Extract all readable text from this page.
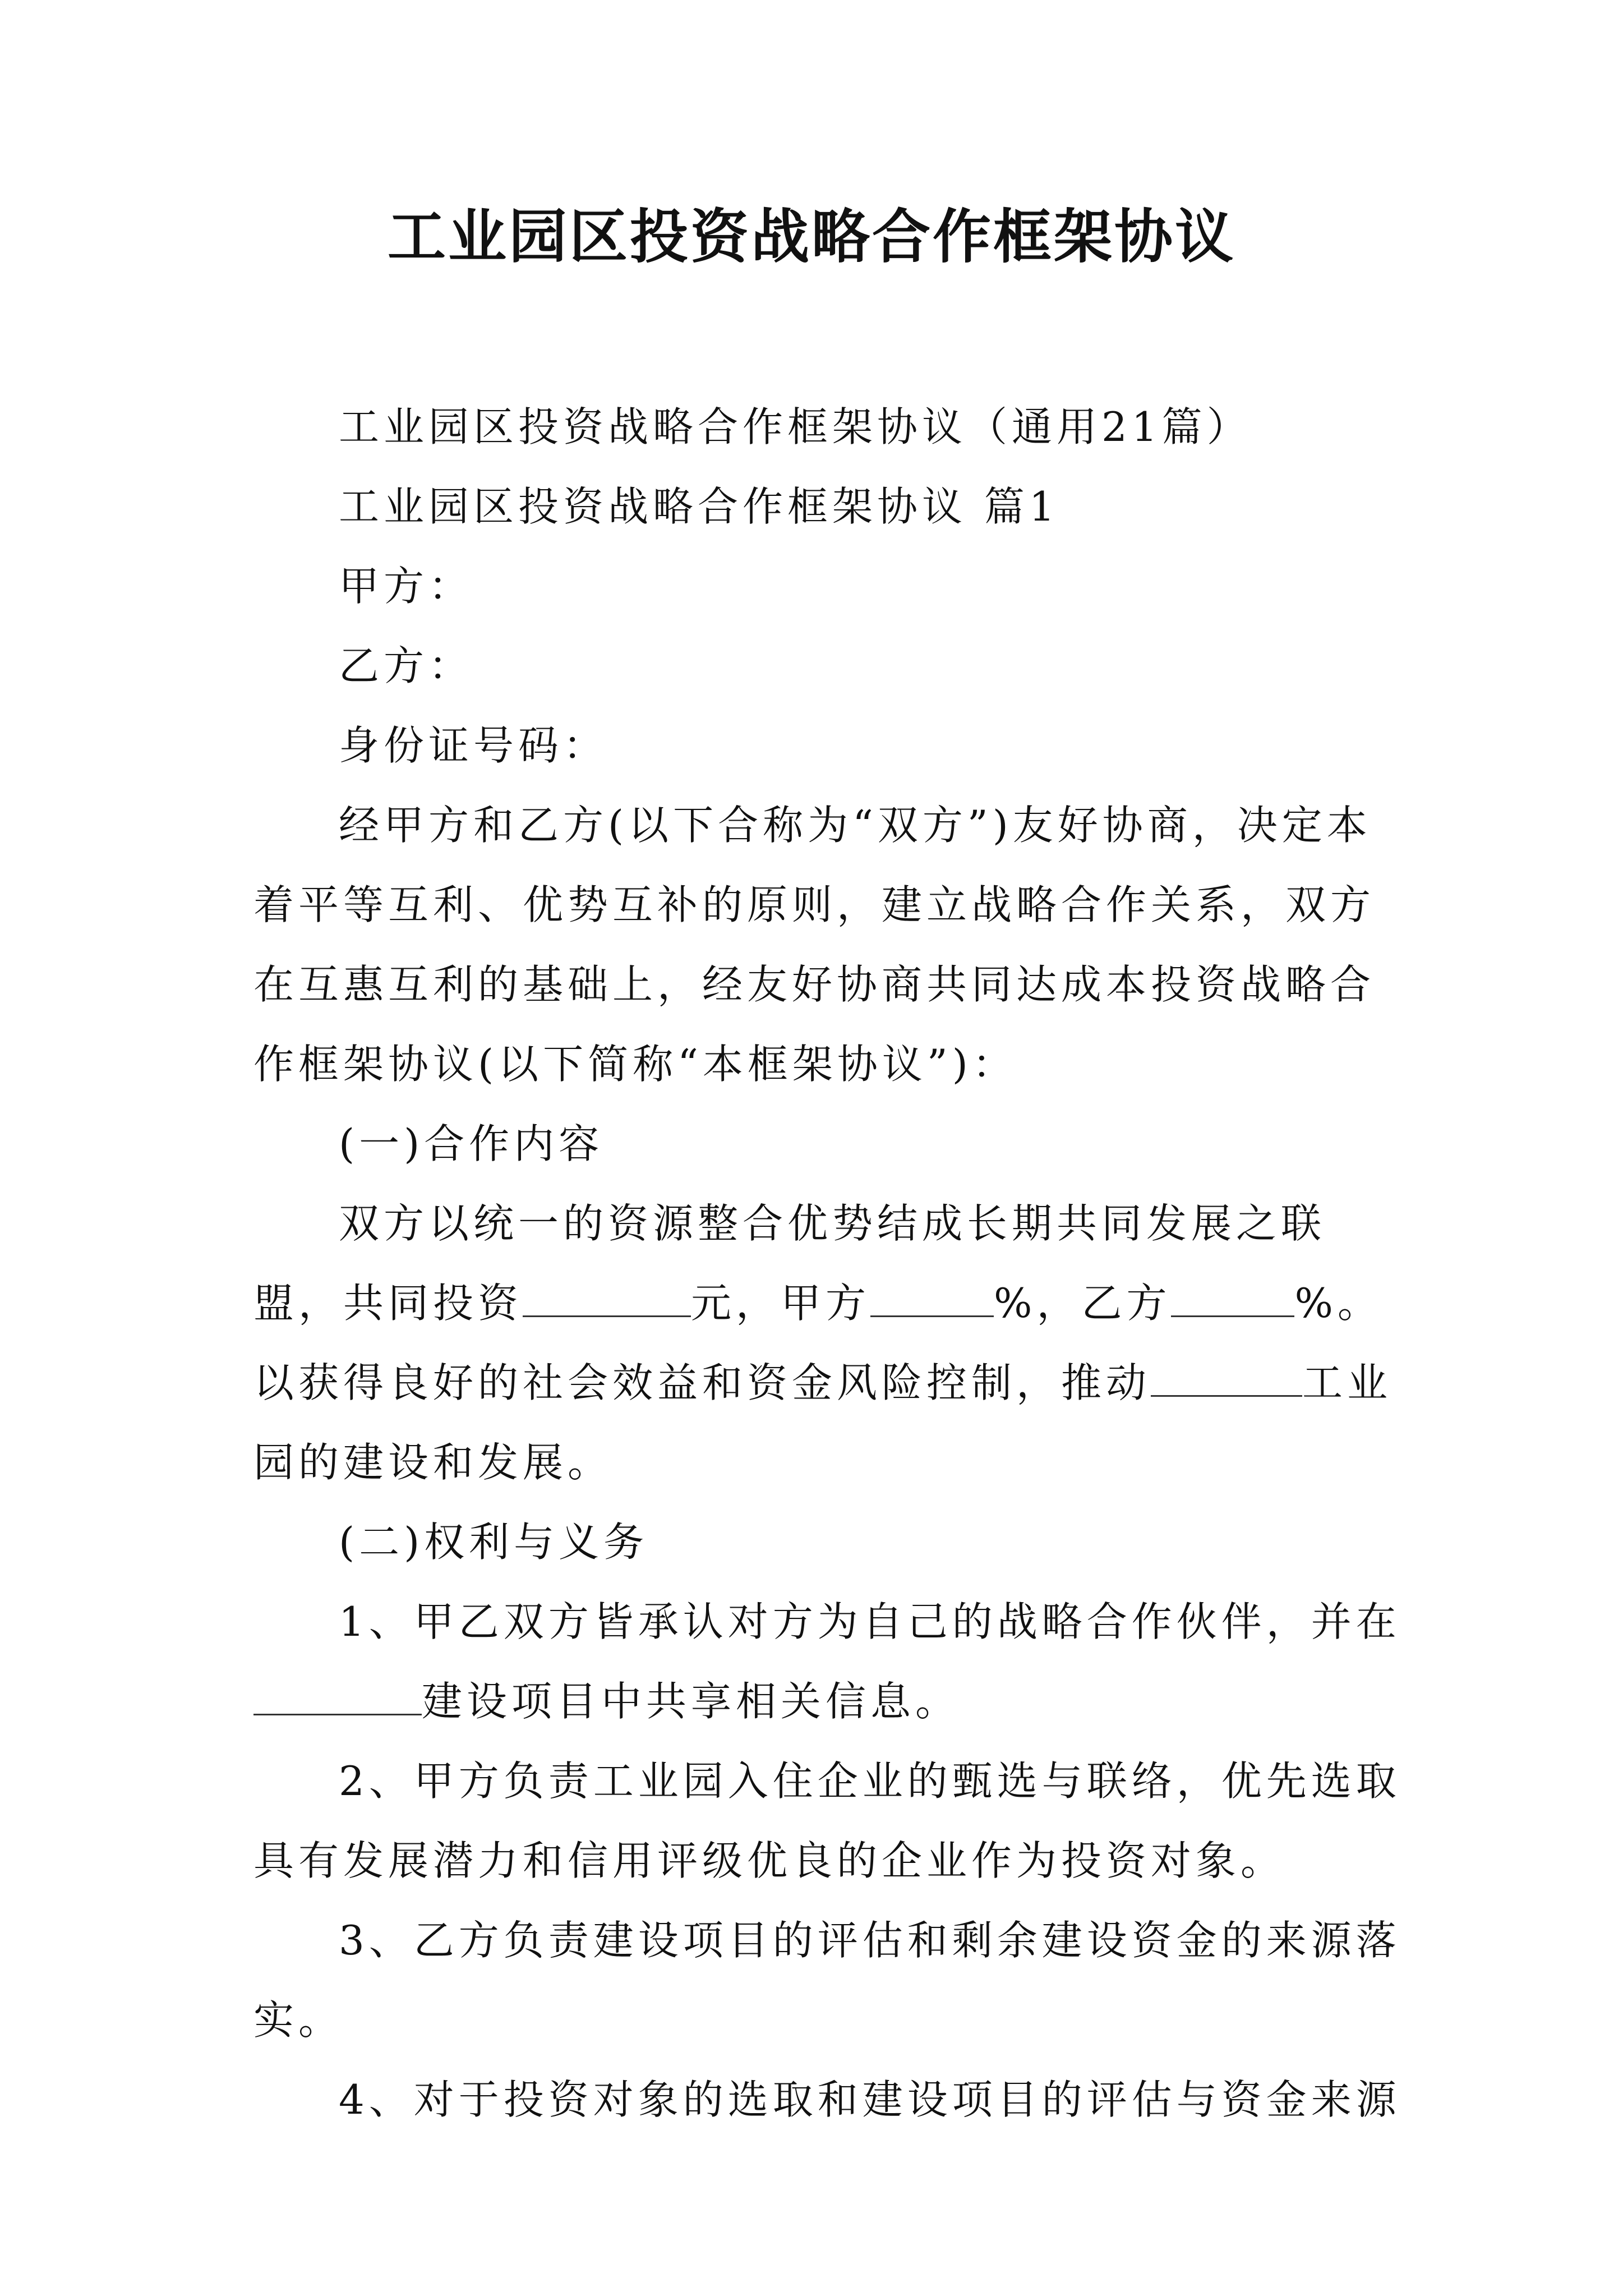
工业园区投资战略合作框架协议

工业园区投资战略合作框架协议（通用21篇）

工业园区投资战略合作框架协议 篇1

甲方：

乙方：

身份证号码：

经甲方和乙方(以下合称为“双方”)友好协商，决定本着平等互利、优势互补的原则，建立战略合作关系，双方在互惠互利的基础上，经友好协商共同达成本投资战略合作框架协议(以下简称“本框架协议”)：

(一)合作内容

双方以统一的资源整合优势结成长期共同发展之联盟，共同投资	元，甲方	%，乙方	%。以获得良好的社会效益和资金风险控制，推动	工业园的建设和发展。

(二)权利与义务

1、甲乙双方皆承认对方为自己的战略合作伙伴，并在建设项目中共享相关信息。

2、甲方负责工业园入住企业的甄选与联络，优先选取具有发展潜力和信用评级优良的企业作为投资对象。

3、乙方负责建设项目的评估和剩余建设资金的来源落实。

4、对于投资对象的选取和建设项目的评估与资金来源
